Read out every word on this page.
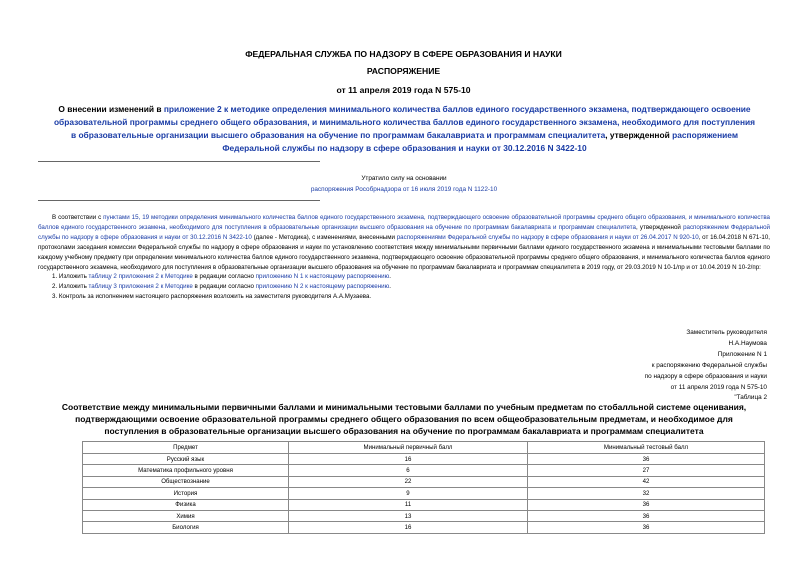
ФЕДЕРАЛЬНАЯ СЛУЖБА ПО НАДЗОРУ В СФЕРЕ ОБРАЗОВАНИЯ И НАУКИ
РАСПОРЯЖЕНИЕ
от 11 апреля 2019 года N 575-10
О внесении изменений в приложение 2 к методике определения минимального количества баллов единого государственного экзамена, подтверждающего освоение образовательной программы среднего общего образования, и минимального количества баллов единого государственного экзамена, необходимого для поступления в образовательные организации высшего образования на обучение по программам бакалавриата и программам специалитета, утвержденной распоряжением Федеральной службы по надзору в сфере образования и науки от 30.12.2016 N 3422-10
Утратило силу на основании
распоряжения Рособрнадзора от 16 июля 2019 года N 1122-10

В соответствии с пунктами 15, 19 методики определения минимального количества баллов единого государственного экзамена, подтверждающего освоение образовательной программы среднего общего образования, и минимального количества баллов единого государственного экзамена, необходимого для поступления в образовательные организации высшего образования на обучение по программам бакалавриата и программам специалитета, утвержденной распоряжением Федеральной службы по надзору в сфере образования и науки от 30.12.2016 N 3422-10 (далее - Методика), с изменениями, внесенными распоряжениями Федеральной службы по надзору в сфере образования и науки от 26.04.2017 N 920-10, от 16.04.2018 N 671-10, протоколами заседания комиссии Федеральной службы по надзору в сфере образования и науки по установлению соответствия между минимальными первичными баллами единого государственного экзамена и минимальными тестовыми баллами по каждому учебному предмету при определении минимального количества баллов единого государственного экзамена, подтверждающего освоение образовательной программы среднего общего образования, и минимального количества баллов единого государственного экзамена, необходимого для поступления в образовательные организации высшего образования на обучение по программам бакалавриата и программам специалитета в 2019 году, от 29.03.2019 N 10-1/пр и от 10.04.2019 N 10-2/пр:

1. Изложить таблицу 2 приложения 2 к Методике в редакции согласно приложению N 1 к настоящему распоряжению.

2. Изложить таблицу 3 приложения 2 к Методике в редакции согласно приложению N 2 к настоящему распоряжению.

3. Контроль за исполнением настоящего распоряжения возложить на заместителя руководителя А.А.Музаева.

Заместитель руководителя
Н.А.Наумова
Приложение N 1
к распоряжению Федеральной службы
по надзору в сфере образования и науки
от 11 апреля 2019 года N 575-10
"Таблица 2
Соответствие между минимальными первичными баллами и минимальными тестовыми баллами по учебным предметам по стобалльной системе оценивания, подтверждающими освоение образовательной программы среднего общего образования по всем общеобразовательным предметам, и необходимое для поступления в образовательные организации высшего образования на обучение по программам бакалавриата и программам специалитета
Предмет	Минимальный первичный балл	Минимальный тестовый балл
Русский язык	16	36
Математика профильного уровня	6	27
Обществознание	22	42
История	9	32
Физика	11	36
Химия	13	36
Биология	16	36
